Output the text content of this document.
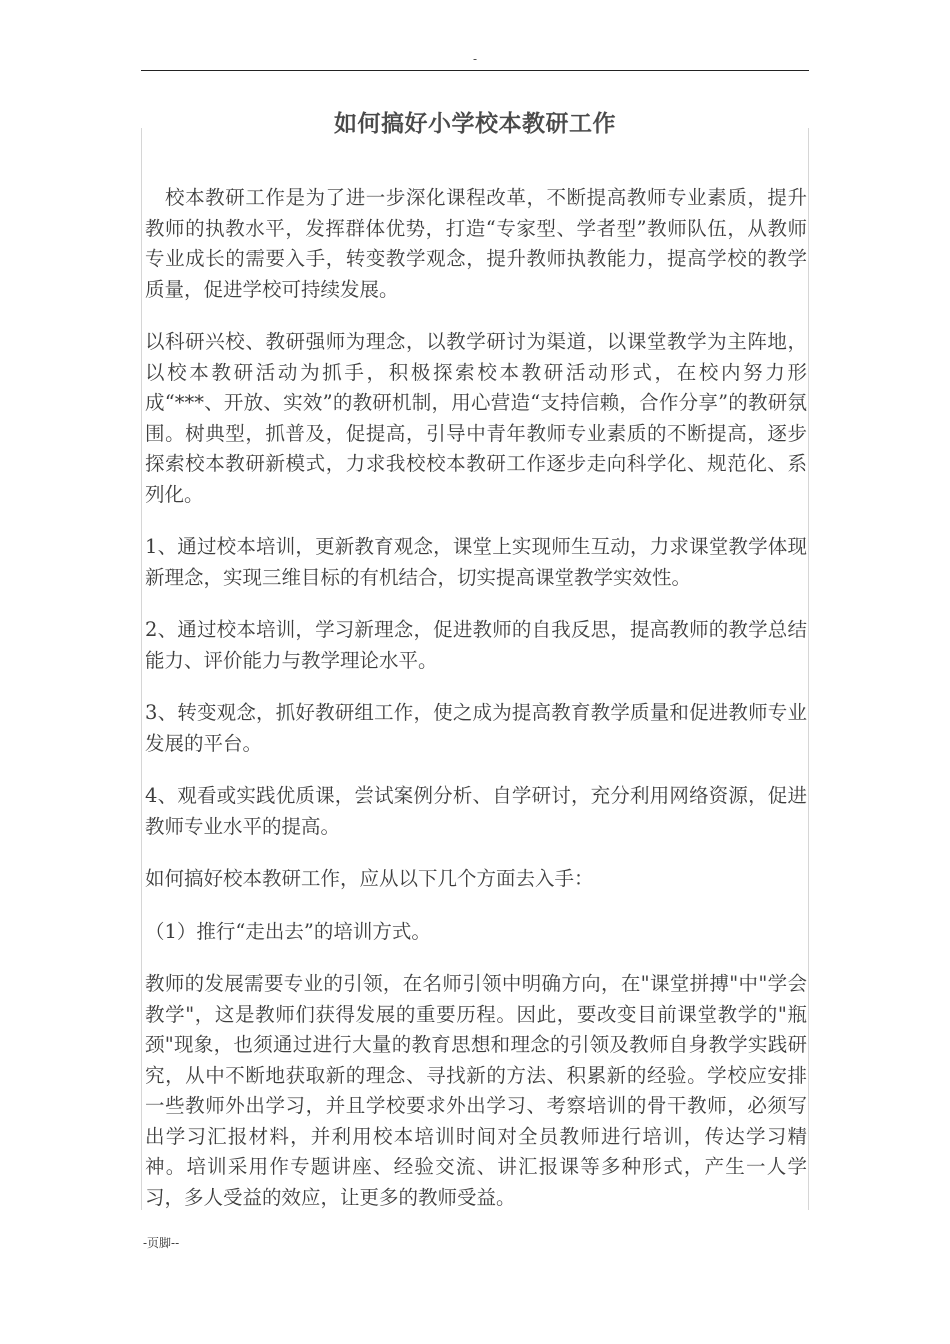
-
如何搞好小学校本教研工作

校本教研工作是为了进一步深化课程改革，不断提高教师专业素质，提升教师的执教水平，发挥群体优势，打造“专家型、学者型”教师队伍，从教师专业成长的需要入手，转变教学观念，提升教师执教能力，提高学校的教学质量，促进学校可持续发展。

以科研兴校、教研强师为理念，以教学研讨为渠道，以课堂教学为主阵地，以校本教研活动为抓手，积极探索校本教研活动形式，在校内努力形成“***、开放、实效”的教研机制，用心营造“支持信赖，合作分享”的教研氛围。树典型，抓普及，促提高，引导中青年教师专业素质的不断提高，逐步探索校本教研新模式，力求我校校本教研工作逐步走向科学化、规范化、系列化。

1、通过校本培训，更新教育观念，课堂上实现师生互动，力求课堂教学体现新理念，实现三维目标的有机结合，切实提高课堂教学实效性。

2、通过校本培训，学习新理念，促进教师的自我反思，提高教师的教学总结能力、评价能力与教学理论水平。

3、转变观念，抓好教研组工作，使之成为提高教育教学质量和促进教师专业发展的平台。

4、观看或实践优质课，尝试案例分析、自学研讨，充分利用网络资源，促进教师专业水平的提高。

如何搞好校本教研工作，应从以下几个方面去入手：

（1）推行“走出去”的培训方式。

教师的发展需要专业的引领，在名师引领中明确方向，在"课堂拼搏"中"学会教学"，这是教师们获得发展的重要历程。因此，要改变目前课堂教学的"瓶颈"现象，也须通过进行大量的教育思想和理念的引领及教师自身教学实践研究，从中不断地获取新的理念、寻找新的方法、积累新的经验。学校应安排一些教师外出学习，并且学校要求外出学习、考察培训的骨干教师，必须写出学习汇报材料，并利用校本培训时间对全员教师进行培训，传达学习精神。培训采用作专题讲座、经验交流、讲汇报课等多种形式，产生一人学习，多人受益的效应，让更多的教师受益。

-页脚--
